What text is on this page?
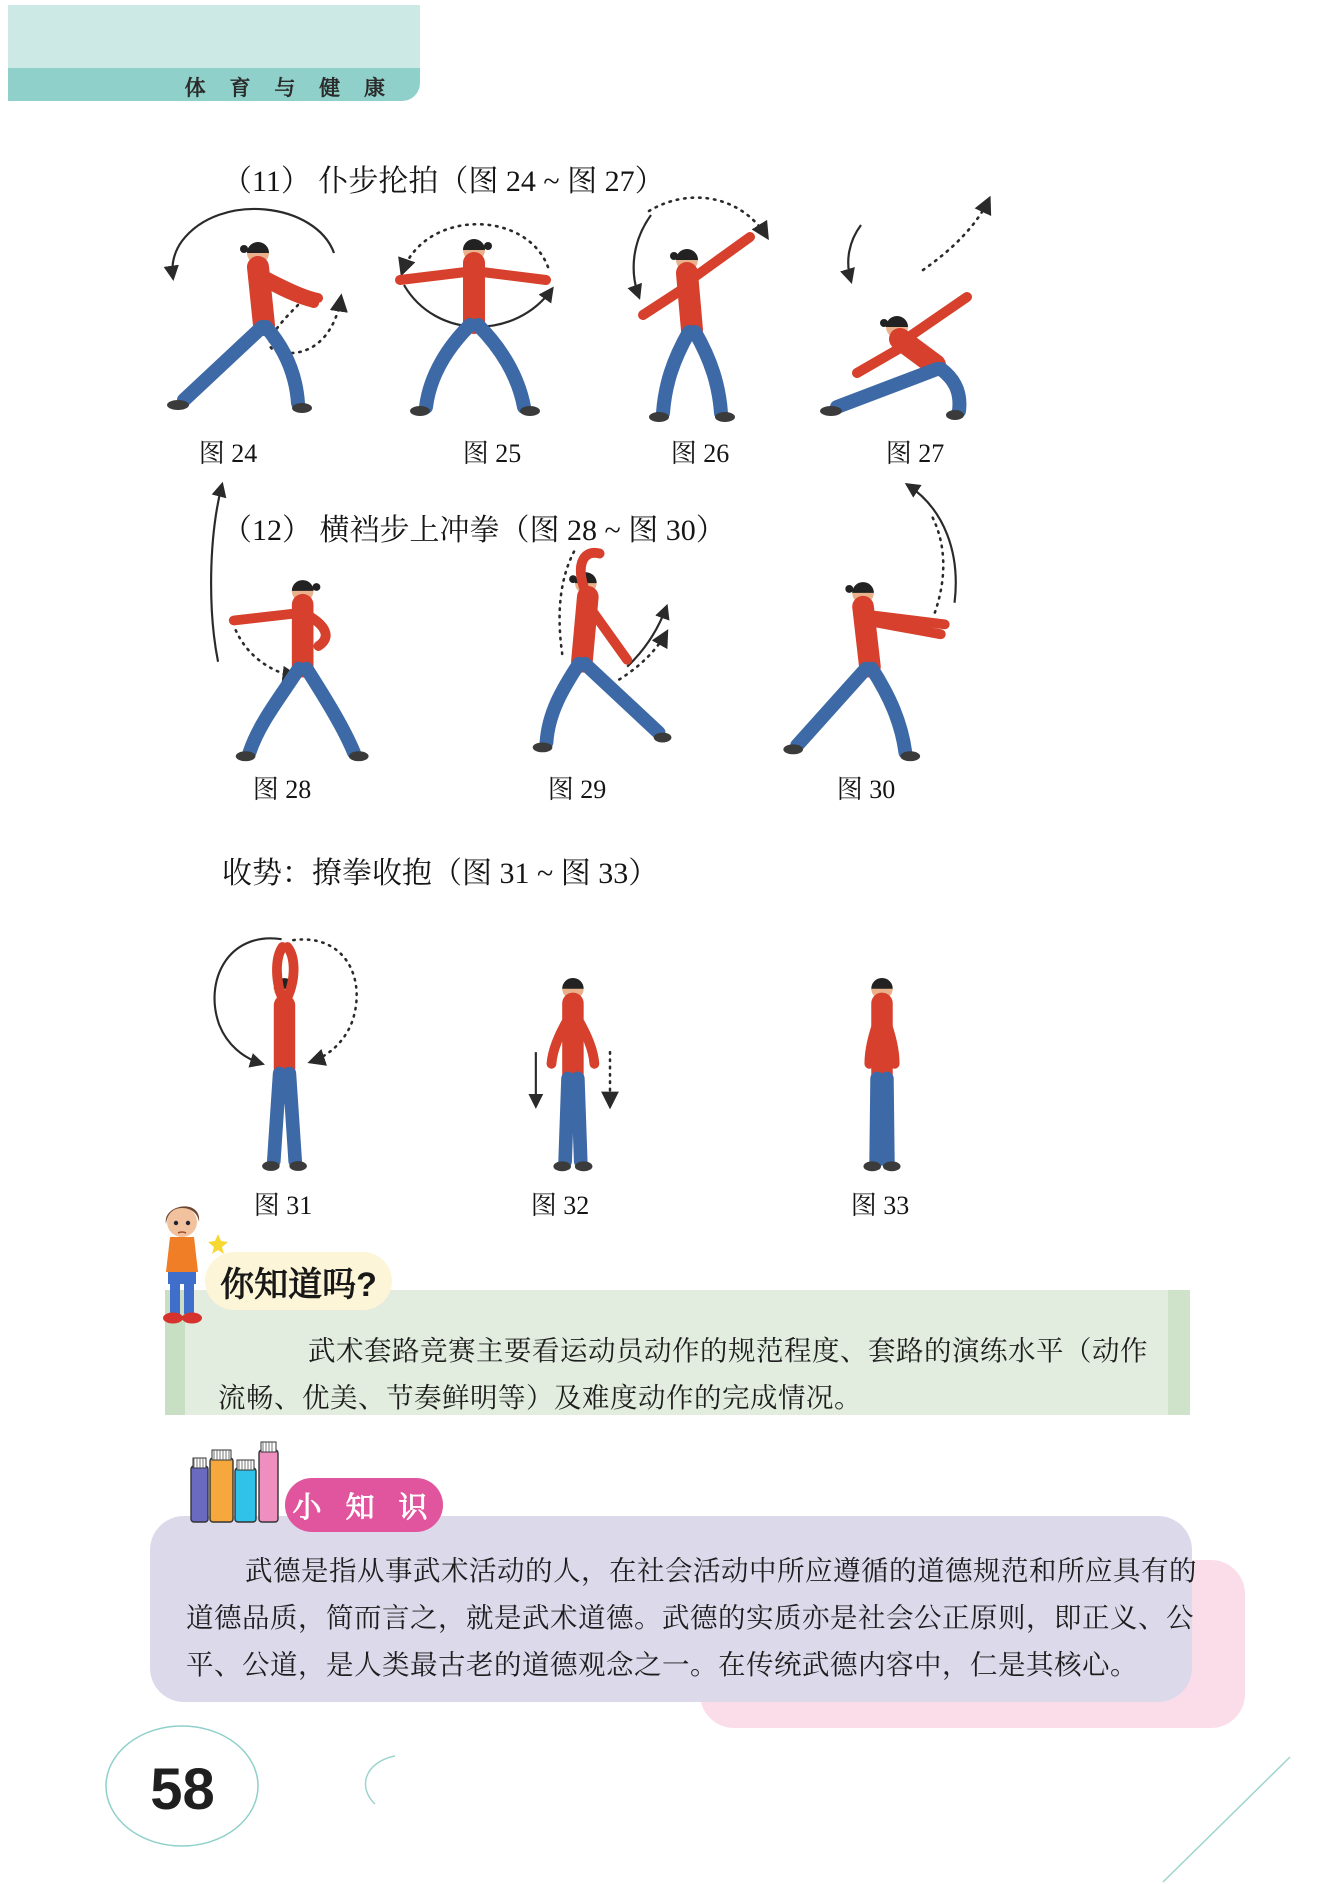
体 育 与 健 康
（11） 仆步抡拍（图 24 ~ 图 27）
图 24	图 25	图 26	图 27
（12） 横裆步上冲拳（图 28 ~ 图 30）
图 28	图 29	图 30
收势：撩拳收抱（图 31 ~ 图 33）
图 31	图 32	图 33
你知道吗?
武术套路竞赛主要看运动员动作的规范程度、套路的演练水平（动作
流畅、优美、节奏鲜明等）及难度动作的完成情况。
小 知 识
武德是指从事武术活动的人，在社会活动中所应遵循的道德规范和所应具有的
道德品质，简而言之，就是武术道德。武德的实质亦是社会公正原则，即正义、公
平、公道，是人类最古老的道德观念之一。在传统武德内容中，仁是其核心。
58
